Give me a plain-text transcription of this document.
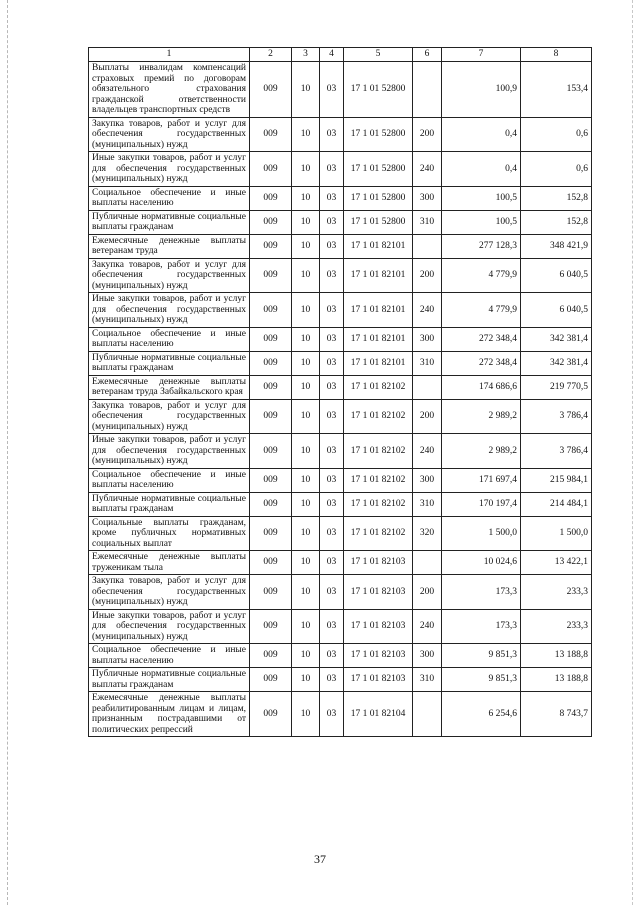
1	2	3	4	5	6	7	8
Выплаты инвалидам компенсаций страховых премий по договорам обязательного страхования гражданской ответственности владельцев транспортных средств	009	10	03	17 1 01 52800		100,9	153,4
Закупка товаров, работ и услуг для обеспечения государственных (муниципальных) нужд	009	10	03	17 1 01 52800	200	0,4	0,6
Иные закупки товаров, работ и услуг для обеспечения государственных (муниципальных) нужд	009	10	03	17 1 01 52800	240	0,4	0,6
Социальное обеспечение и иные выплаты населению	009	10	03	17 1 01 52800	300	100,5	152,8
Публичные нормативные социальные выплаты гражданам	009	10	03	17 1 01 52800	310	100,5	152,8
Ежемесячные денежные выплаты ветеранам труда	009	10	03	17 1 01 82101		277 128,3	348 421,9
Закупка товаров, работ и услуг для обеспечения государственных (муниципальных) нужд	009	10	03	17 1 01 82101	200	4 779,9	6 040,5
Иные закупки товаров, работ и услуг для обеспечения государственных (муниципальных) нужд	009	10	03	17 1 01 82101	240	4 779,9	6 040,5
Социальное обеспечение и иные выплаты населению	009	10	03	17 1 01 82101	300	272 348,4	342 381,4
Публичные нормативные социальные выплаты гражданам	009	10	03	17 1 01 82101	310	272 348,4	342 381,4
Ежемесячные денежные выплаты ветеранам труда Забайкальского края	009	10	03	17 1 01 82102		174 686,6	219 770,5
Закупка товаров, работ и услуг для обеспечения государственных (муниципальных) нужд	009	10	03	17 1 01 82102	200	2 989,2	3 786,4
Иные закупки товаров, работ и услуг для обеспечения государственных (муниципальных) нужд	009	10	03	17 1 01 82102	240	2 989,2	3 786,4
Социальное обеспечение и иные выплаты населению	009	10	03	17 1 01 82102	300	171 697,4	215 984,1
Публичные нормативные социальные выплаты гражданам	009	10	03	17 1 01 82102	310	170 197,4	214 484,1
Социальные выплаты гражданам, кроме публичных нормативных социальных выплат	009	10	03	17 1 01 82102	320	1 500,0	1 500,0
Ежемесячные денежные выплаты труженикам тыла	009	10	03	17 1 01 82103		10 024,6	13 422,1
Закупка товаров, работ и услуг для обеспечения государственных (муниципальных) нужд	009	10	03	17 1 01 82103	200	173,3	233,3
Иные закупки товаров, работ и услуг для обеспечения государственных (муниципальных) нужд	009	10	03	17 1 01 82103	240	173,3	233,3
Социальное обеспечение и иные выплаты населению	009	10	03	17 1 01 82103	300	9 851,3	13 188,8
Публичные нормативные социальные выплаты гражданам	009	10	03	17 1 01 82103	310	9 851,3	13 188,8
Ежемесячные денежные выплаты реабилитированным лицам и лицам, признанным пострадавшими от политических репрессий	009	10	03	17 1 01 82104		6 254,6	8 743,7
37
